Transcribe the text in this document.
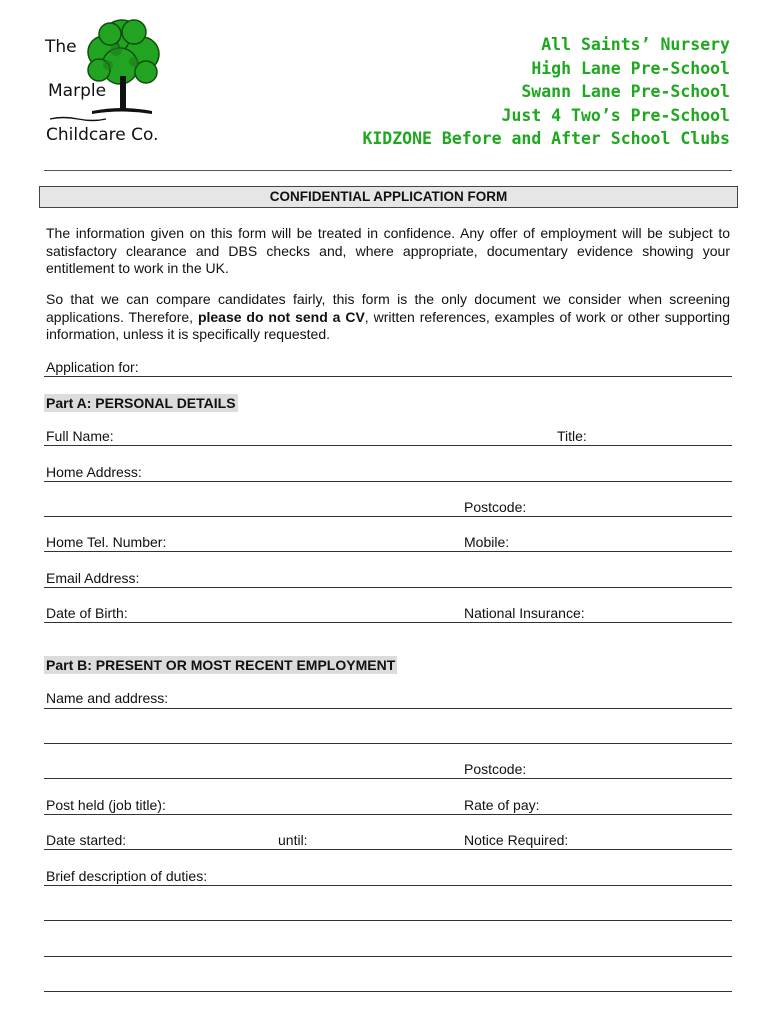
The
Marple
Childcare Co.
All Saints’ Nursery
High Lane Pre-School
Swann Lane Pre-School
Just 4 Two’s Pre-School
KIDZONE Before and After School Clubs
CONFIDENTIAL APPLICATION FORM
The information given on this form will be treated in confidence. Any offer of employment will be subject to satisfactory clearance and DBS checks and, where appropriate, documentary evidence showing your entitlement to work in the UK.
So that we can compare candidates fairly, this form is the only document we consider when screening applications. Therefore, please do not send a CV, written references, examples of work or other supporting information, unless it is specifically requested.
Application for:
Part A: PERSONAL DETAILS
Full Name:	Title:
Home Address:
Postcode:
Home Tel. Number:	Mobile:
Email Address:
Date of Birth:	National Insurance:
Part B: PRESENT OR MOST RECENT EMPLOYMENT
Name and address:
Postcode:
Post held (job title):	Rate of pay:
Date started:	until:	Notice Required:
Brief description of duties:
